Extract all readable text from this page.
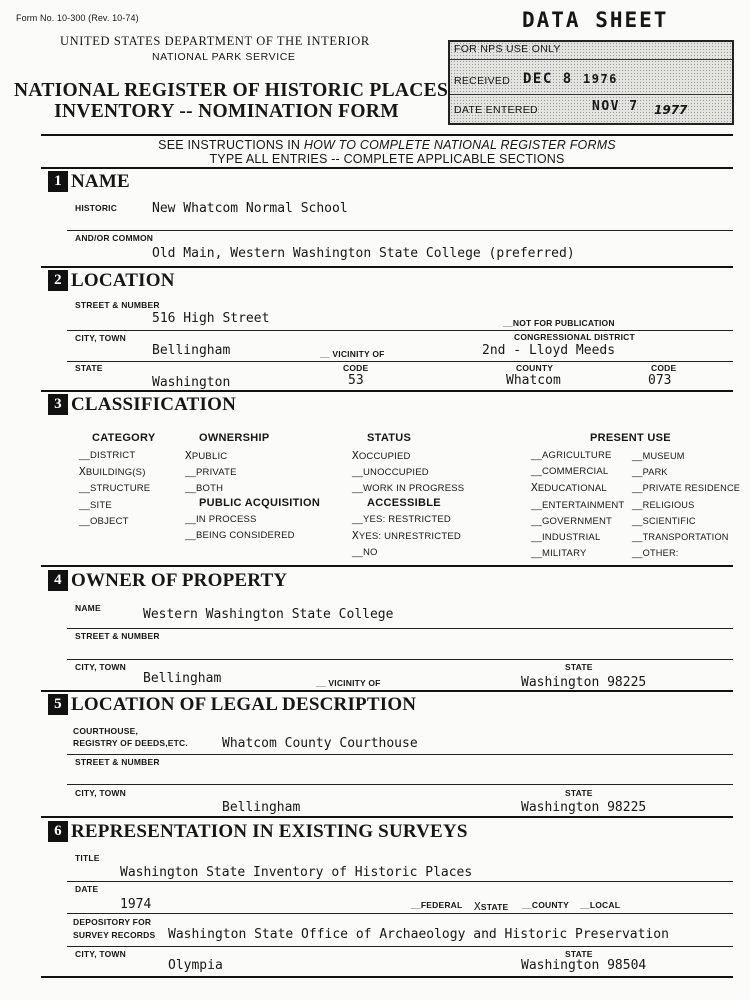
Form No. 10-300 (Rev. 10-74)	DATA SHEET
UNITED STATES DEPARTMENT OF THE INTERIOR
NATIONAL PARK SERVICE
NATIONAL REGISTER OF HISTORIC PLACES
INVENTORY -- NOMINATION FORM
FOR NPS USE ONLY
RECEIVED DEC 8 1976
DATE ENTERED	NOV 7 1977
SEE INSTRUCTIONS IN HOW TO COMPLETE NATIONAL REGISTER FORMS
TYPE ALL ENTRIES -- COMPLETE APPLICABLE SECTIONS
1 NAME
HISTORIC	New Whatcom Normal School
AND/OR COMMON
Old Main, Western Washington State College (preferred)
2 LOCATION
STREET & NUMBER
516 High Street	__NOT FOR PUBLICATION
CITY, TOWN
Bellingham	__ VICINITY OF
CONGRESSIONAL DISTRICT
2nd - Lloyd Meeds
STATE
Washington
CODE
53
COUNTY
Whatcom
CODE
073
3 CLASSIFICATION
CATEGORY
__DISTRICT
XBUILDING(S)
__STRUCTURE
__SITE
__OBJECT
OWNERSHIP
XPUBLIC
__PRIVATE
__BOTH
PUBLIC ACQUISITION
__IN PROCESS
__BEING CONSIDERED
STATUS
XOCCUPIED
__UNOCCUPIED
__WORK IN PROGRESS
ACCESSIBLE
__YES: RESTRICTED
XYES: UNRESTRICTED
__NO
PRESENT USE
__AGRICULTURE
__COMMERCIAL
XEDUCATIONAL
__ENTERTAINMENT
__GOVERNMENT
__INDUSTRIAL
__MILITARY
__MUSEUM
__PARK
__PRIVATE RESIDENCE
__RELIGIOUS
__SCIENTIFIC
__TRANSPORTATION
__OTHER:
4 OWNER OF PROPERTY
NAME	Western Washington State College
STREET & NUMBER
CITY, TOWN
Bellingham	__ VICINITY OF
STATE
Washington 98225
5 LOCATION OF LEGAL DESCRIPTION
COURTHOUSE,
REGISTRY OF DEEDS,ETC.	Whatcom County Courthouse
STREET & NUMBER
CITY, TOWN
Bellingham
STATE
Washington 98225
6 REPRESENTATION IN EXISTING SURVEYS
TITLE
Washington State Inventory of Historic Places
DATE
1974	__FEDERAL XSTATE __COUNTY __LOCAL
DEPOSITORY FOR
SURVEY RECORDS Washington State Office of Archaeology and Historic Preservation
CITY, TOWN
Olympia
STATE
Washington 98504
